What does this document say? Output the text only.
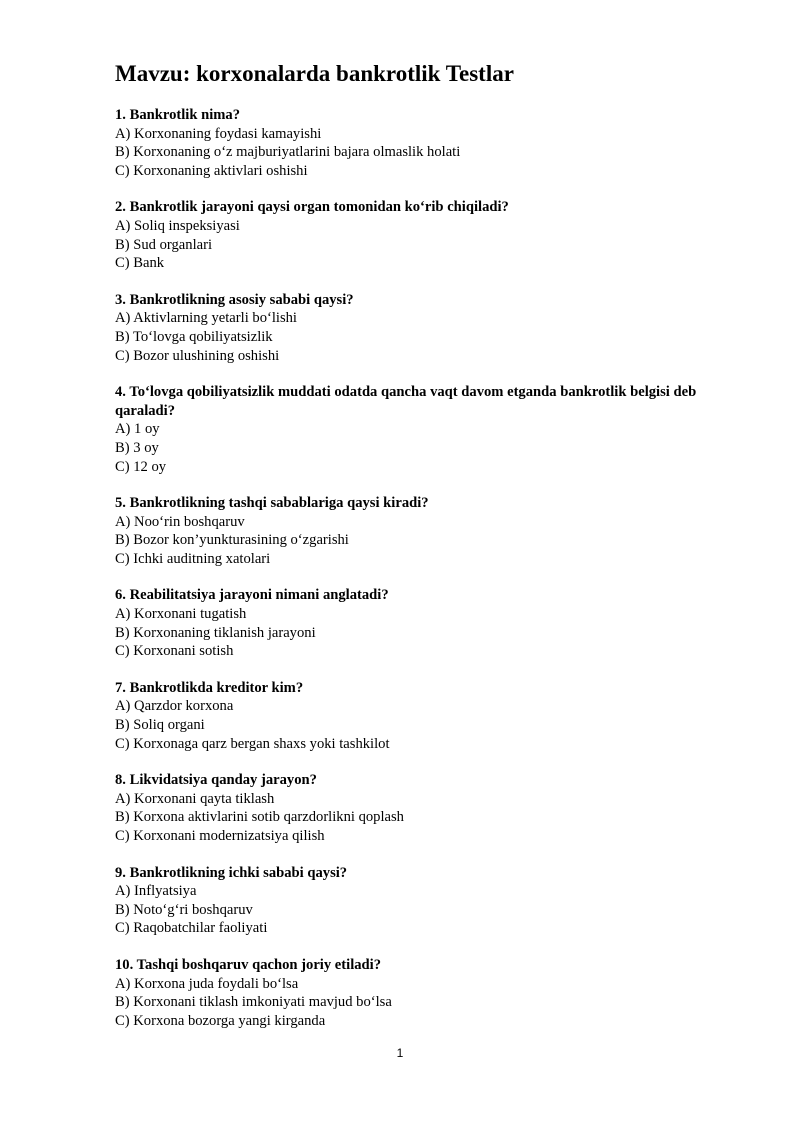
Mavzu: korxonalarda bankrotlik Testlar
1. Bankrotlik nima?
A) Korxonaning foydasi kamayishi
B) Korxonaning o‘z majburiyatlarini bajara olmaslik holati
C) Korxonaning aktivlari oshishi
2. Bankrotlik jarayoni qaysi organ tomonidan ko‘rib chiqiladi?
A) Soliq inspeksiyasi
B) Sud organlari
C) Bank
3. Bankrotlikning asosiy sababi qaysi?
A) Aktivlarning yetarli bo‘lishi
B) To‘lovga qobiliyatsizlik
C) Bozor ulushining oshishi
4. To‘lovga qobiliyatsizlik muddati odatda qancha vaqt davom etganda bankrotlik belgisi deb qaraladi?
A) 1 oy
B) 3 oy
C) 12 oy
5. Bankrotlikning tashqi sabablariga qaysi kiradi?
A) Noo‘rin boshqaruv
B) Bozor kon’yunkturasining o‘zgarishi
C) Ichki auditning xatolari
6. Reabilitatsiya jarayoni nimani anglatadi?
A) Korxonani tugatish
B) Korxonaning tiklanish jarayoni
C) Korxonani sotish
7. Bankrotlikda kreditor kim?
A) Qarzdor korxona
B) Soliq organi
C) Korxonaga qarz bergan shaxs yoki tashkilot
8. Likvidatsiya qanday jarayon?
A) Korxonani qayta tiklash
B) Korxona aktivlarini sotib qarzdorlikni qoplash
C) Korxonani modernizatsiya qilish
9. Bankrotlikning ichki sababi qaysi?
A) Inflyatsiya
B) Noto‘g‘ri boshqaruv
C) Raqobatchilar faoliyati
10. Tashqi boshqaruv qachon joriy etiladi?
A) Korxona juda foydali bo‘lsa
B) Korxonani tiklash imkoniyati mavjud bo‘lsa
C) Korxona bozorga yangi kirganda
1
